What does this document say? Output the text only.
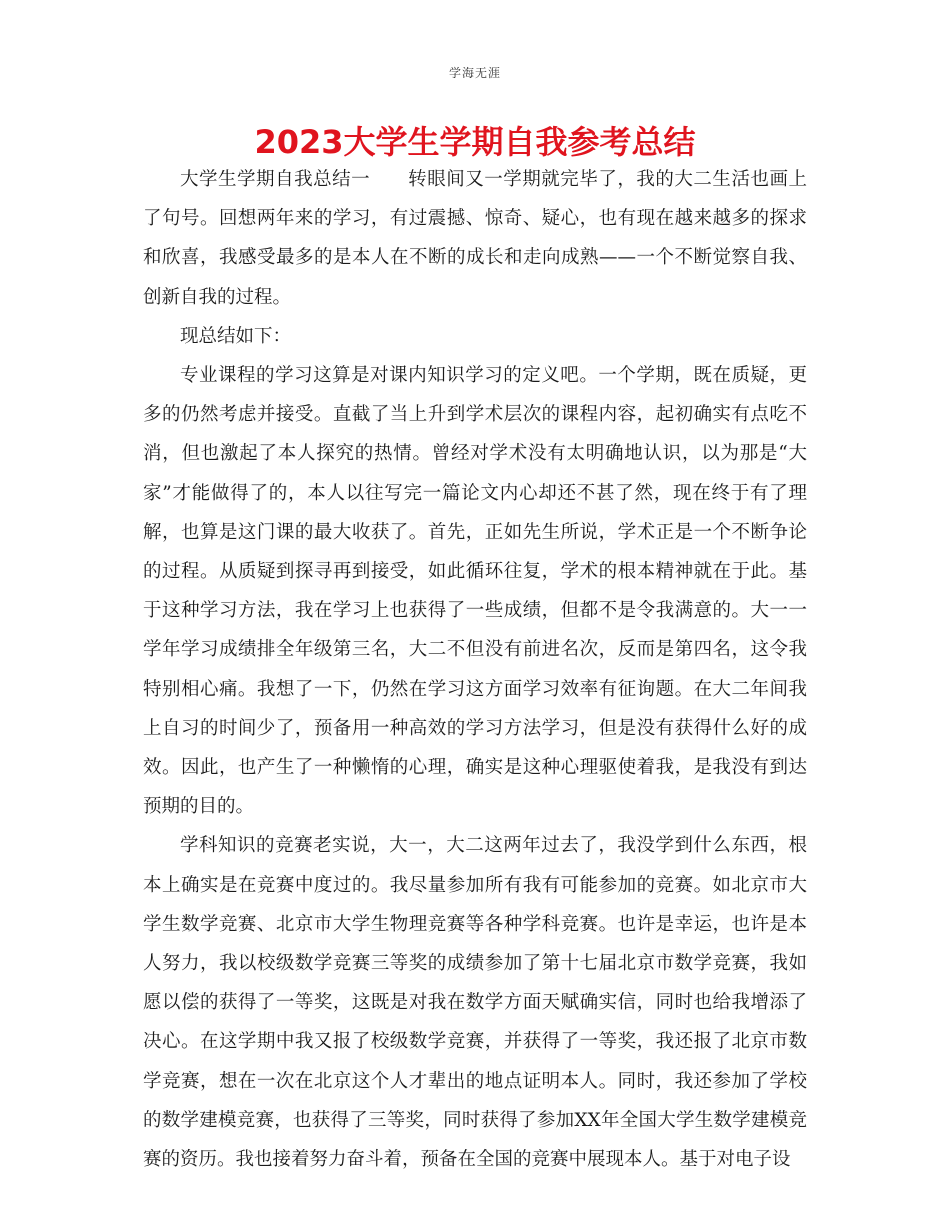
学海无涯
2023大学生学期自我参考总结

大学生学期自我总结一　　转眼间又一学期就完毕了，我的大二生活也画上了句号。回想两年来的学习，有过震撼、惊奇、疑心，也有现在越来越多的探求和欣喜，我感受最多的是本人在不断的成长和走向成熟——一个不断觉察自我、创新自我的过程。

现总结如下：

专业课程的学习这算是对课内知识学习的定义吧。一个学期，既在质疑，更多的仍然考虑并接受。直截了当上升到学术层次的课程内容，起初确实有点吃不消，但也激起了本人探究的热情。曾经对学术没有太明确地认识，以为那是“大家”才能做得了的，本人以往写完一篇论文内心却还不甚了然，现在终于有了理解，也算是这门课的最大收获了。首先，正如先生所说，学术正是一个不断争论的过程。从质疑到探寻再到接受，如此循环往复，学术的根本精神就在于此。基于这种学习方法，我在学习上也获得了一些成绩，但都不是令我满意的。大一一学年学习成绩排全年级第三名，大二不但没有前进名次，反而是第四名，这令我特别相心痛。我想了一下，仍然在学习这方面学习效率有征询题。在大二年间我上自习的时间少了，预备用一种高效的学习方法学习，但是没有获得什么好的成效。因此，也产生了一种懒惰的心理，确实是这种心理驱使着我，是我没有到达预期的目的。

学科知识的竞赛老实说，大一，大二这两年过去了，我没学到什么东西，根本上确实是在竞赛中度过的。我尽量参加所有我有可能参加的竞赛。如北京市大学生数学竞赛、北京市大学生物理竞赛等各种学科竞赛。也许是幸运，也许是本人努力，我以校级数学竞赛三等奖的成绩参加了第十七届北京市数学竞赛，我如愿以偿的获得了一等奖，这既是对我在数学方面天赋确实信，同时也给我增添了决心。在这学期中我又报了校级数学竞赛，并获得了一等奖，我还报了北京市数学竞赛，想在一次在北京这个人才辈出的地点证明本人。同时，我还参加了学校的数学建模竞赛，也获得了三等奖，同时获得了参加XX年全国大学生数学建模竞赛的资历。我也接着努力奋斗着，预备在全国的竞赛中展现本人。基于对电子设
